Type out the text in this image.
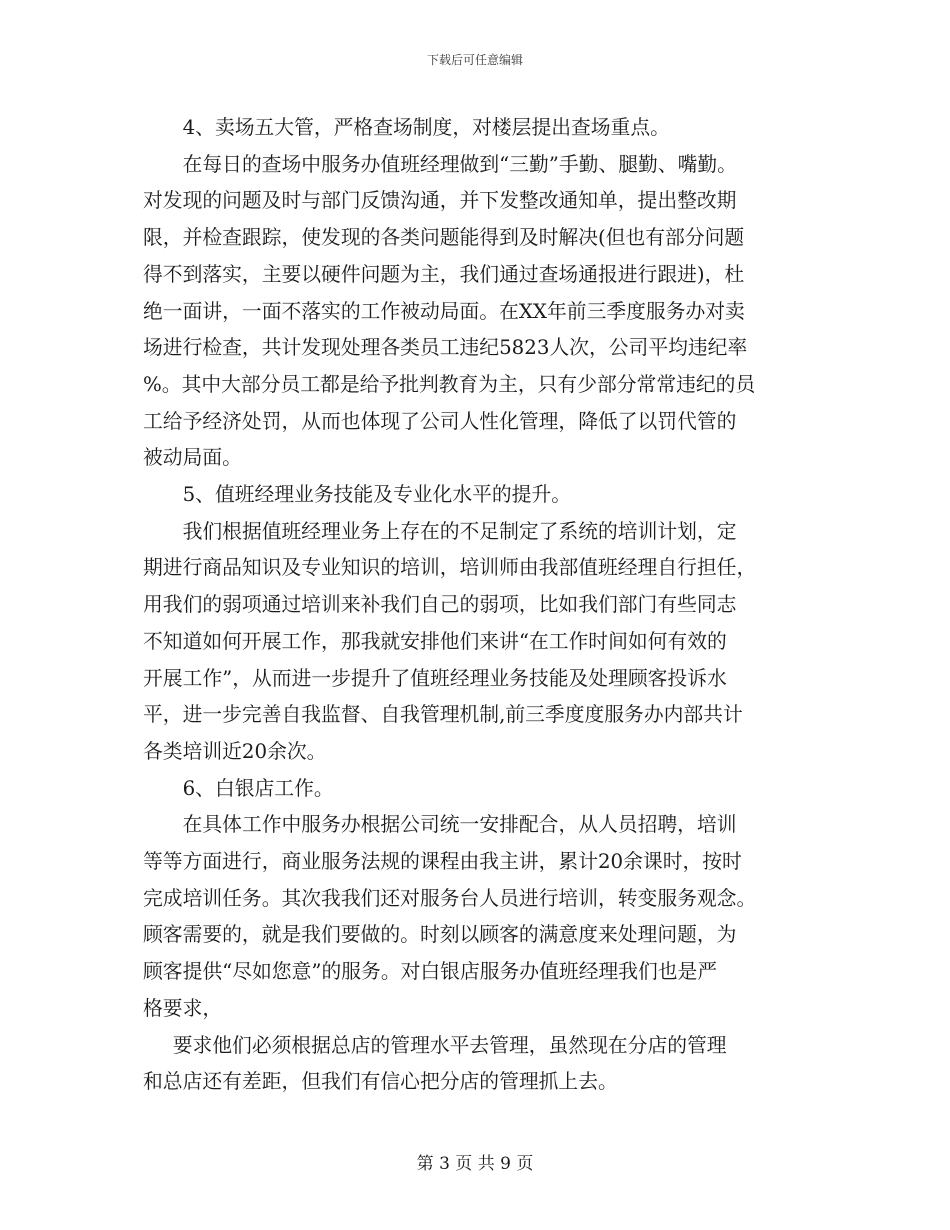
下载后可任意编辑

4、卖场五大管，严格查场制度，对楼层提出查场重点。

在每日的查场中服务办值班经理做到“三勤”手勤、腿勤、嘴勤。

对发现的问题及时与部门反馈沟通，并下发整改通知单，提出整改期

限，并检查跟踪，使发现的各类问题能得到及时解决(但也有部分问题

得不到落实，主要以硬件问题为主，我们通过查场通报进行跟进)，杜

绝一面讲，一面不落实的工作被动局面。在XX年前三季度服务办对卖

场进行检查，共计发现处理各类员工违纪5823人次，公司平均违纪率

%。其中大部分员工都是给予批判教育为主，只有少部分常常违纪的员

工给予经济处罚，从而也体现了公司人性化管理，降低了以罚代管的

被动局面。

5、值班经理业务技能及专业化水平的提升。

我们根据值班经理业务上存在的不足制定了系统的培训计划，定

期进行商品知识及专业知识的培训，培训师由我部值班经理自行担任，

用我们的弱项通过培训来补我们自己的弱项，比如我们部门有些同志

不知道如何开展工作，那我就安排他们来讲“在工作时间如何有效的

开展工作”，从而进一步提升了值班经理业务技能及处理顾客投诉水

平，进一步完善自我监督、自我管理机制,前三季度度服务办内部共计

各类培训近20余次。

6、白银店工作。

在具体工作中服务办根据公司统一安排配合，从人员招聘，培训

等等方面进行，商业服务法规的课程由我主讲，累计20余课时，按时

完成培训任务。其次我我们还对服务台人员进行培训，转变服务观念。

顾客需要的，就是我们要做的。时刻以顾客的满意度来处理问题，为

顾客提供“尽如您意”的服务。对白银店服务办值班经理我们也是严

格要求，

要求他们必须根据总店的管理水平去管理，虽然现在分店的管理

和总店还有差距，但我们有信心把分店的管理抓上去。

第 3 页 共 9 页
